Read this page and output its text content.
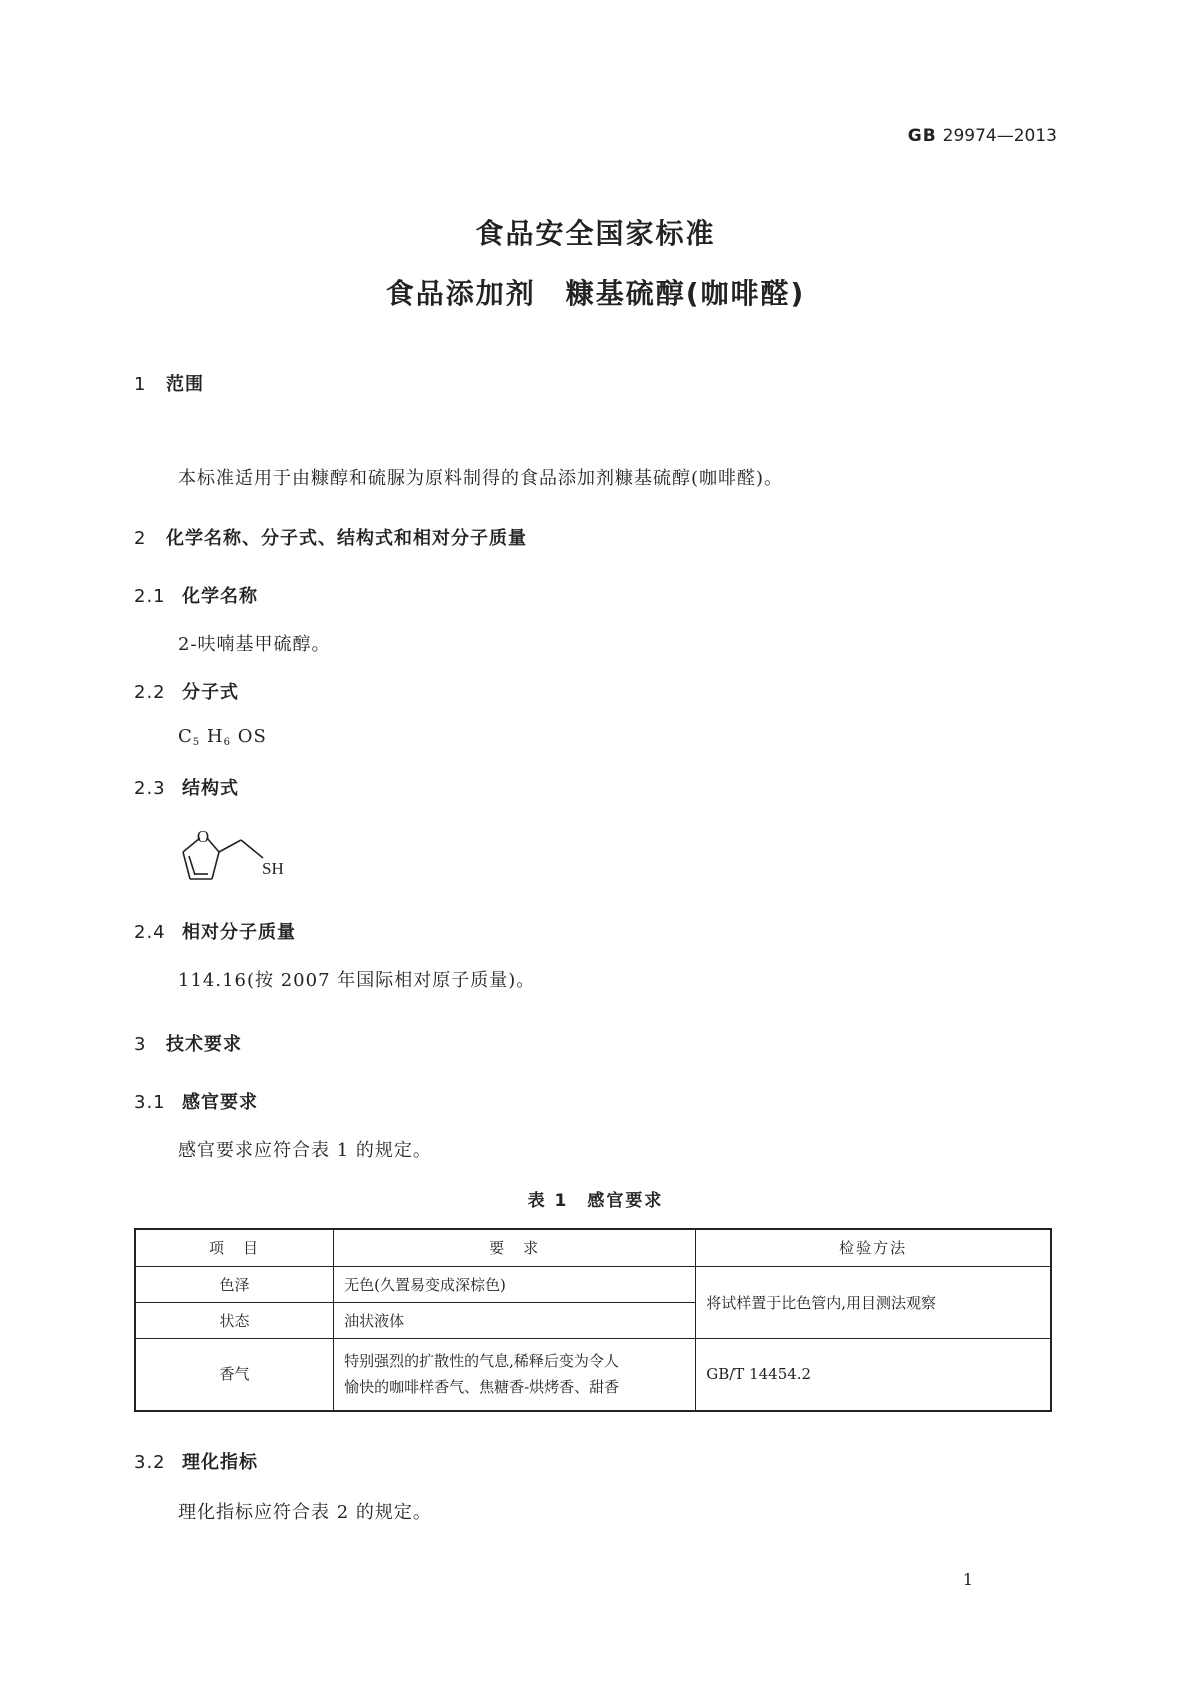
GB 29974—2013
食品安全国家标准
食品添加剂　糠基硫醇(咖啡醛)
1 范围
本标准适用于由糠醇和硫脲为原料制得的食品添加剂糠基硫醇(咖啡醛)。
2 化学名称、分子式、结构式和相对分子质量
2.1 化学名称
2-呋喃基甲硫醇。
2.2 分子式
$C_5$ $H_6$ OS
2.3 结构式
O
SH
2.4 相对分子质量
114.16(按 2007 年国际相对原子质量)。
3 技术要求
3.1 感官要求
感官要求应符合表 1 的规定。
表 1　感官要求
项　目	要　求	检验方法
色泽	无色(久置易变成深棕色)	将试样置于比色管内,用目测法观察
状态	油状液体	
香气	特别强烈的扩散性的气息,稀释后变为令人
愉快的咖啡样香气、焦糖香-烘烤香、甜香	GB/T 14454.2
3.2 理化指标
理化指标应符合表 2 的规定。
1
